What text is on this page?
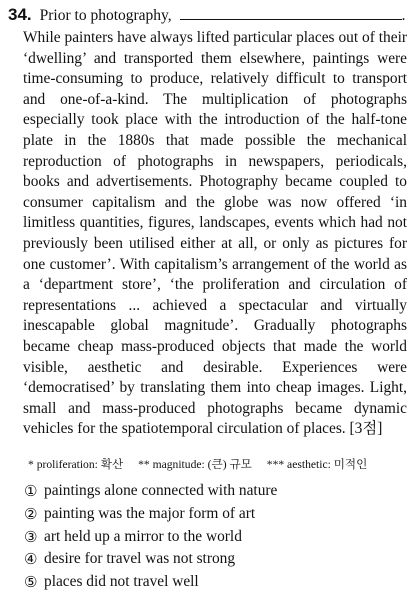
34. Prior to photography,	.

While painters have always lifted particular places out of their ‘dwelling’ and transported them elsewhere, paintings were time-consuming to produce, relatively difficult to transport and one-of-a-kind. The multiplication of photographs especially took place with the introduction of the half-tone plate in the 1880s that made possible the mechanical reproduction of photographs in newspapers, periodicals, books and advertisements. Photography became coupled to consumer capitalism and the globe was now offered ‘in limitless quantities, figures, landscapes, events which had not previously been utilised either at all, or only as pictures for one customer’. With capitalism’s arrangement of the world as a ‘department store’, ‘the proliferation and circulation of representations ... achieved a spectacular and virtually inescapable global magnitude’. Gradually photographs became cheap mass-produced objects that made the world visible, aesthetic and desirable. Experiences were ‘democratised’ by translating them into cheap images. Light, small and mass-produced photographs became dynamic vehicles for the spatiotemporal circulation of places. [3점]

* proliferation: 확산 ** magnitude: (큰) 규모 *** aesthetic: 미적인
① paintings alone connected with nature
② painting was the major form of art
③ art held up a mirror to the world
④ desire for travel was not strong
⑤ places did not travel well
